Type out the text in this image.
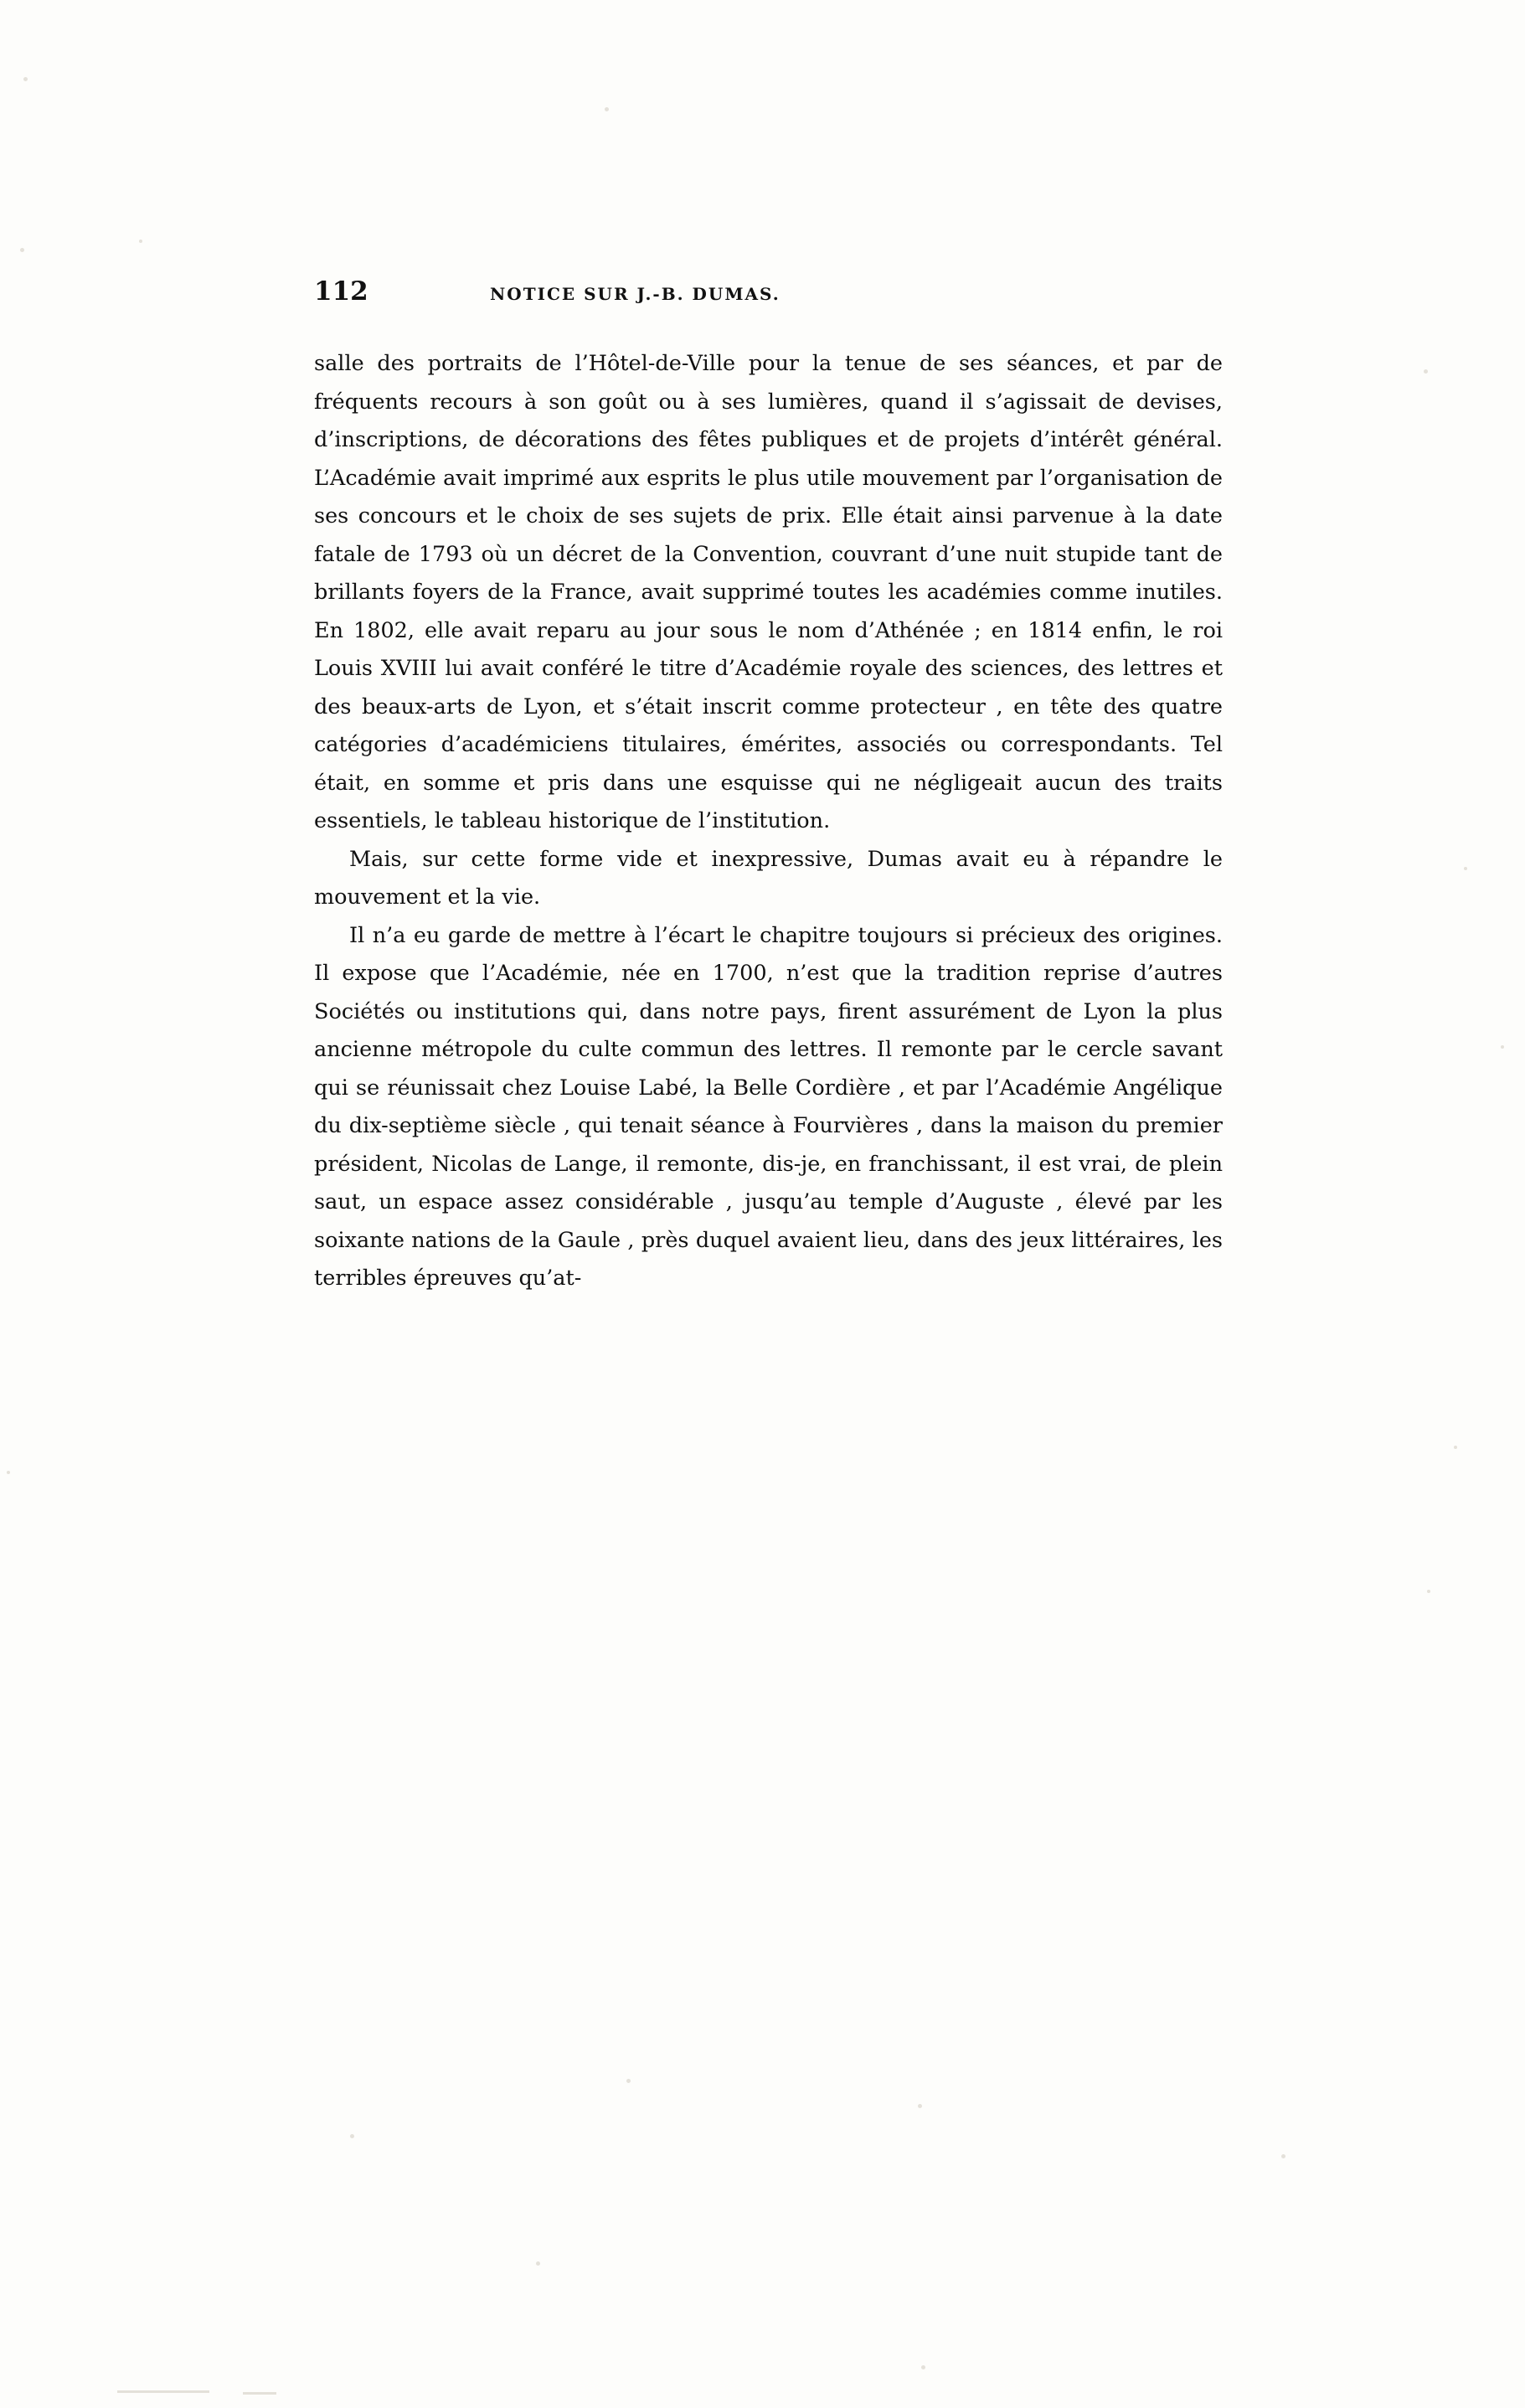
112	NOTICE SUR J.-B. DUMAS.

salle des portraits de l’Hôtel-de-Ville pour la tenue de ses séances, et par de fréquents recours à son goût ou à ses lumières, quand il s’agissait de devises, d’inscriptions, de décorations des fêtes publiques et de projets d’intérêt général. L’Académie avait imprimé aux esprits le plus utile mouvement par l’organisation de ses concours et le choix de ses sujets de prix. Elle était ainsi parvenue à la date fatale de 1793 où un décret de la Convention, couvrant d’une nuit stupide tant de brillants foyers de la France, avait supprimé toutes les académies comme inutiles. En 1802, elle avait reparu au jour sous le nom d’Athénée ; en 1814 enfin, le roi Louis XVIII lui avait conféré le titre d’Académie royale des sciences, des lettres et des beaux-arts de Lyon, et s’était inscrit comme protecteur , en tête des quatre catégories d’académiciens titulaires, émérites, associés ou correspondants. Tel était, en somme et pris dans une esquisse qui ne négligeait aucun des traits essentiels, le tableau historique de l’institution.

Mais, sur cette forme vide et inexpressive, Dumas avait eu à répandre le mouvement et la vie.

Il n’a eu garde de mettre à l’écart le chapitre toujours si précieux des origines. Il expose que l’Académie, née en 1700, n’est que la tradition reprise d’autres Sociétés ou institutions qui, dans notre pays, firent assurément de Lyon la plus ancienne métropole du culte commun des lettres. Il remonte par le cercle savant qui se réunissait chez Louise Labé, la Belle Cordière , et par l’Académie Angélique du dix-septième siècle , qui tenait séance à Fourvières , dans la maison du premier président, Nicolas de Lange, il remonte, dis-je, en franchissant, il est vrai, de plein saut, un espace assez considérable , jusqu’au temple d’Auguste , élevé par les soixante nations de la Gaule , près duquel avaient lieu, dans des jeux littéraires, les terribles épreuves qu’at-
